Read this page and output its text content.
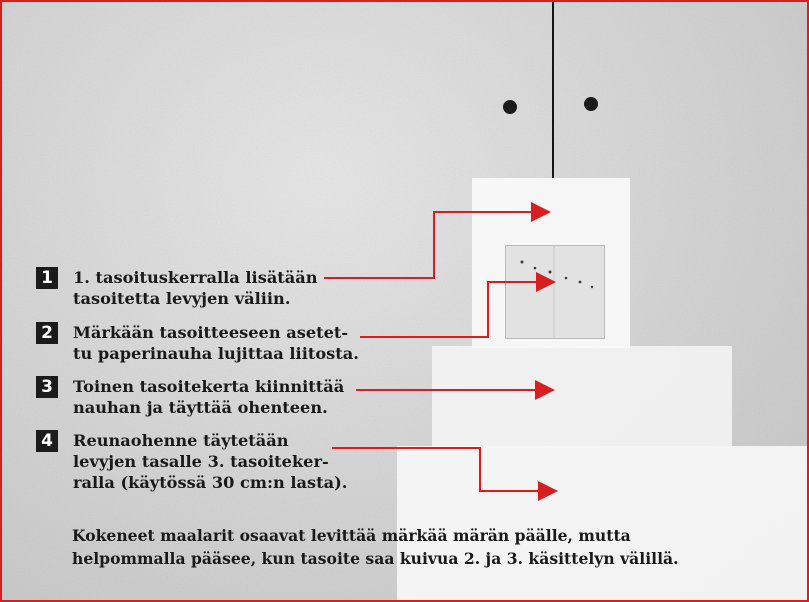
1	1. tasoituskerralla lisätään
tasoitetta levyjen väliin.
2	Märkään tasoitteeseen asetet-
tu paperinauha lujittaa liitosta.
3	Toinen tasoitekerta kiinnittää
nauhan ja täyttää ohenteen.
4	Reunaohenne täytetään
levyjen tasalle 3. tasoiteker-
ralla (käytössä 30 cm:n lasta).
Kokeneet maalarit osaavat levittää märkää märän päälle, mutta
helpommalla pääsee, kun tasoite saa kuivua 2. ja 3. käsittelyn välillä.
